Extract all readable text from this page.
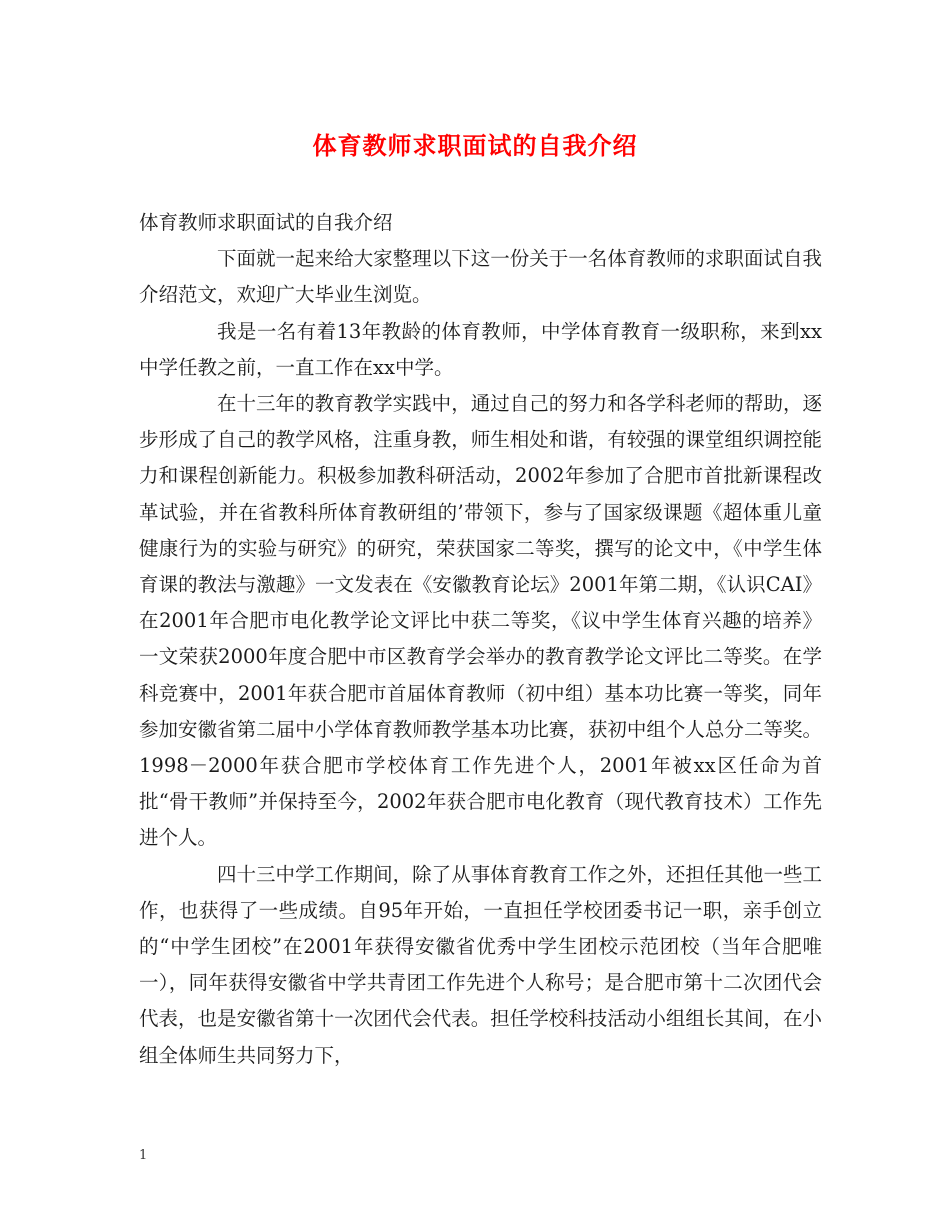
体育教师求职面试的自我介绍

体育教师求职面试的自我介绍

下面就一起来给大家整理以下这一份关于一名体育教师的求职面试自我介绍范文，欢迎广大毕业生浏览。

我是一名有着13年教龄的体育教师，中学体育教育一级职称，来到xx中学任教之前，一直工作在xx中学。

在十三年的教育教学实践中，通过自己的努力和各学科老师的帮助，逐步形成了自己的教学风格，注重身教，师生相处和谐，有较强的课堂组织调控能力和课程创新能力。积极参加教科研活动，2002年参加了合肥市首批新课程改革试验，并在省教科所体育教研组的’带领下，参与了国家级课题《超体重儿童健康行为的实验与研究》的研究，荣获国家二等奖，撰写的论文中，《中学生体育课的教法与激趣》一文发表在《安徽教育论坛》2001年第二期，《认识CAI》在2001年合肥市电化教学论文评比中获二等奖，《议中学生体育兴趣的培养》一文荣获2000年度合肥中市区教育学会举办的教育教学论文评比二等奖。在学科竞赛中，2001年获合肥市首届体育教师（初中组）基本功比赛一等奖，同年参加安徽省第二届中小学体育教师教学基本功比赛，获初中组个人总分二等奖。1998－2000年获合肥市学校体育工作先进个人，2001年被xx区任命为首批“骨干教师”并保持至今，2002年获合肥市电化教育（现代教育技术）工作先进个人。

四十三中学工作期间，除了从事体育教育工作之外，还担任其他一些工作，也获得了一些成绩。自95年开始，一直担任学校团委书记一职，亲手创立的“中学生团校”在2001年获得安徽省优秀中学生团校示范团校（当年合肥唯一），同年获得安徽省中学共青团工作先进个人称号；是合肥市第十二次团代会代表，也是安徽省第十一次团代会代表。担任学校科技活动小组组长其间，在小组全体师生共同努力下，

1
